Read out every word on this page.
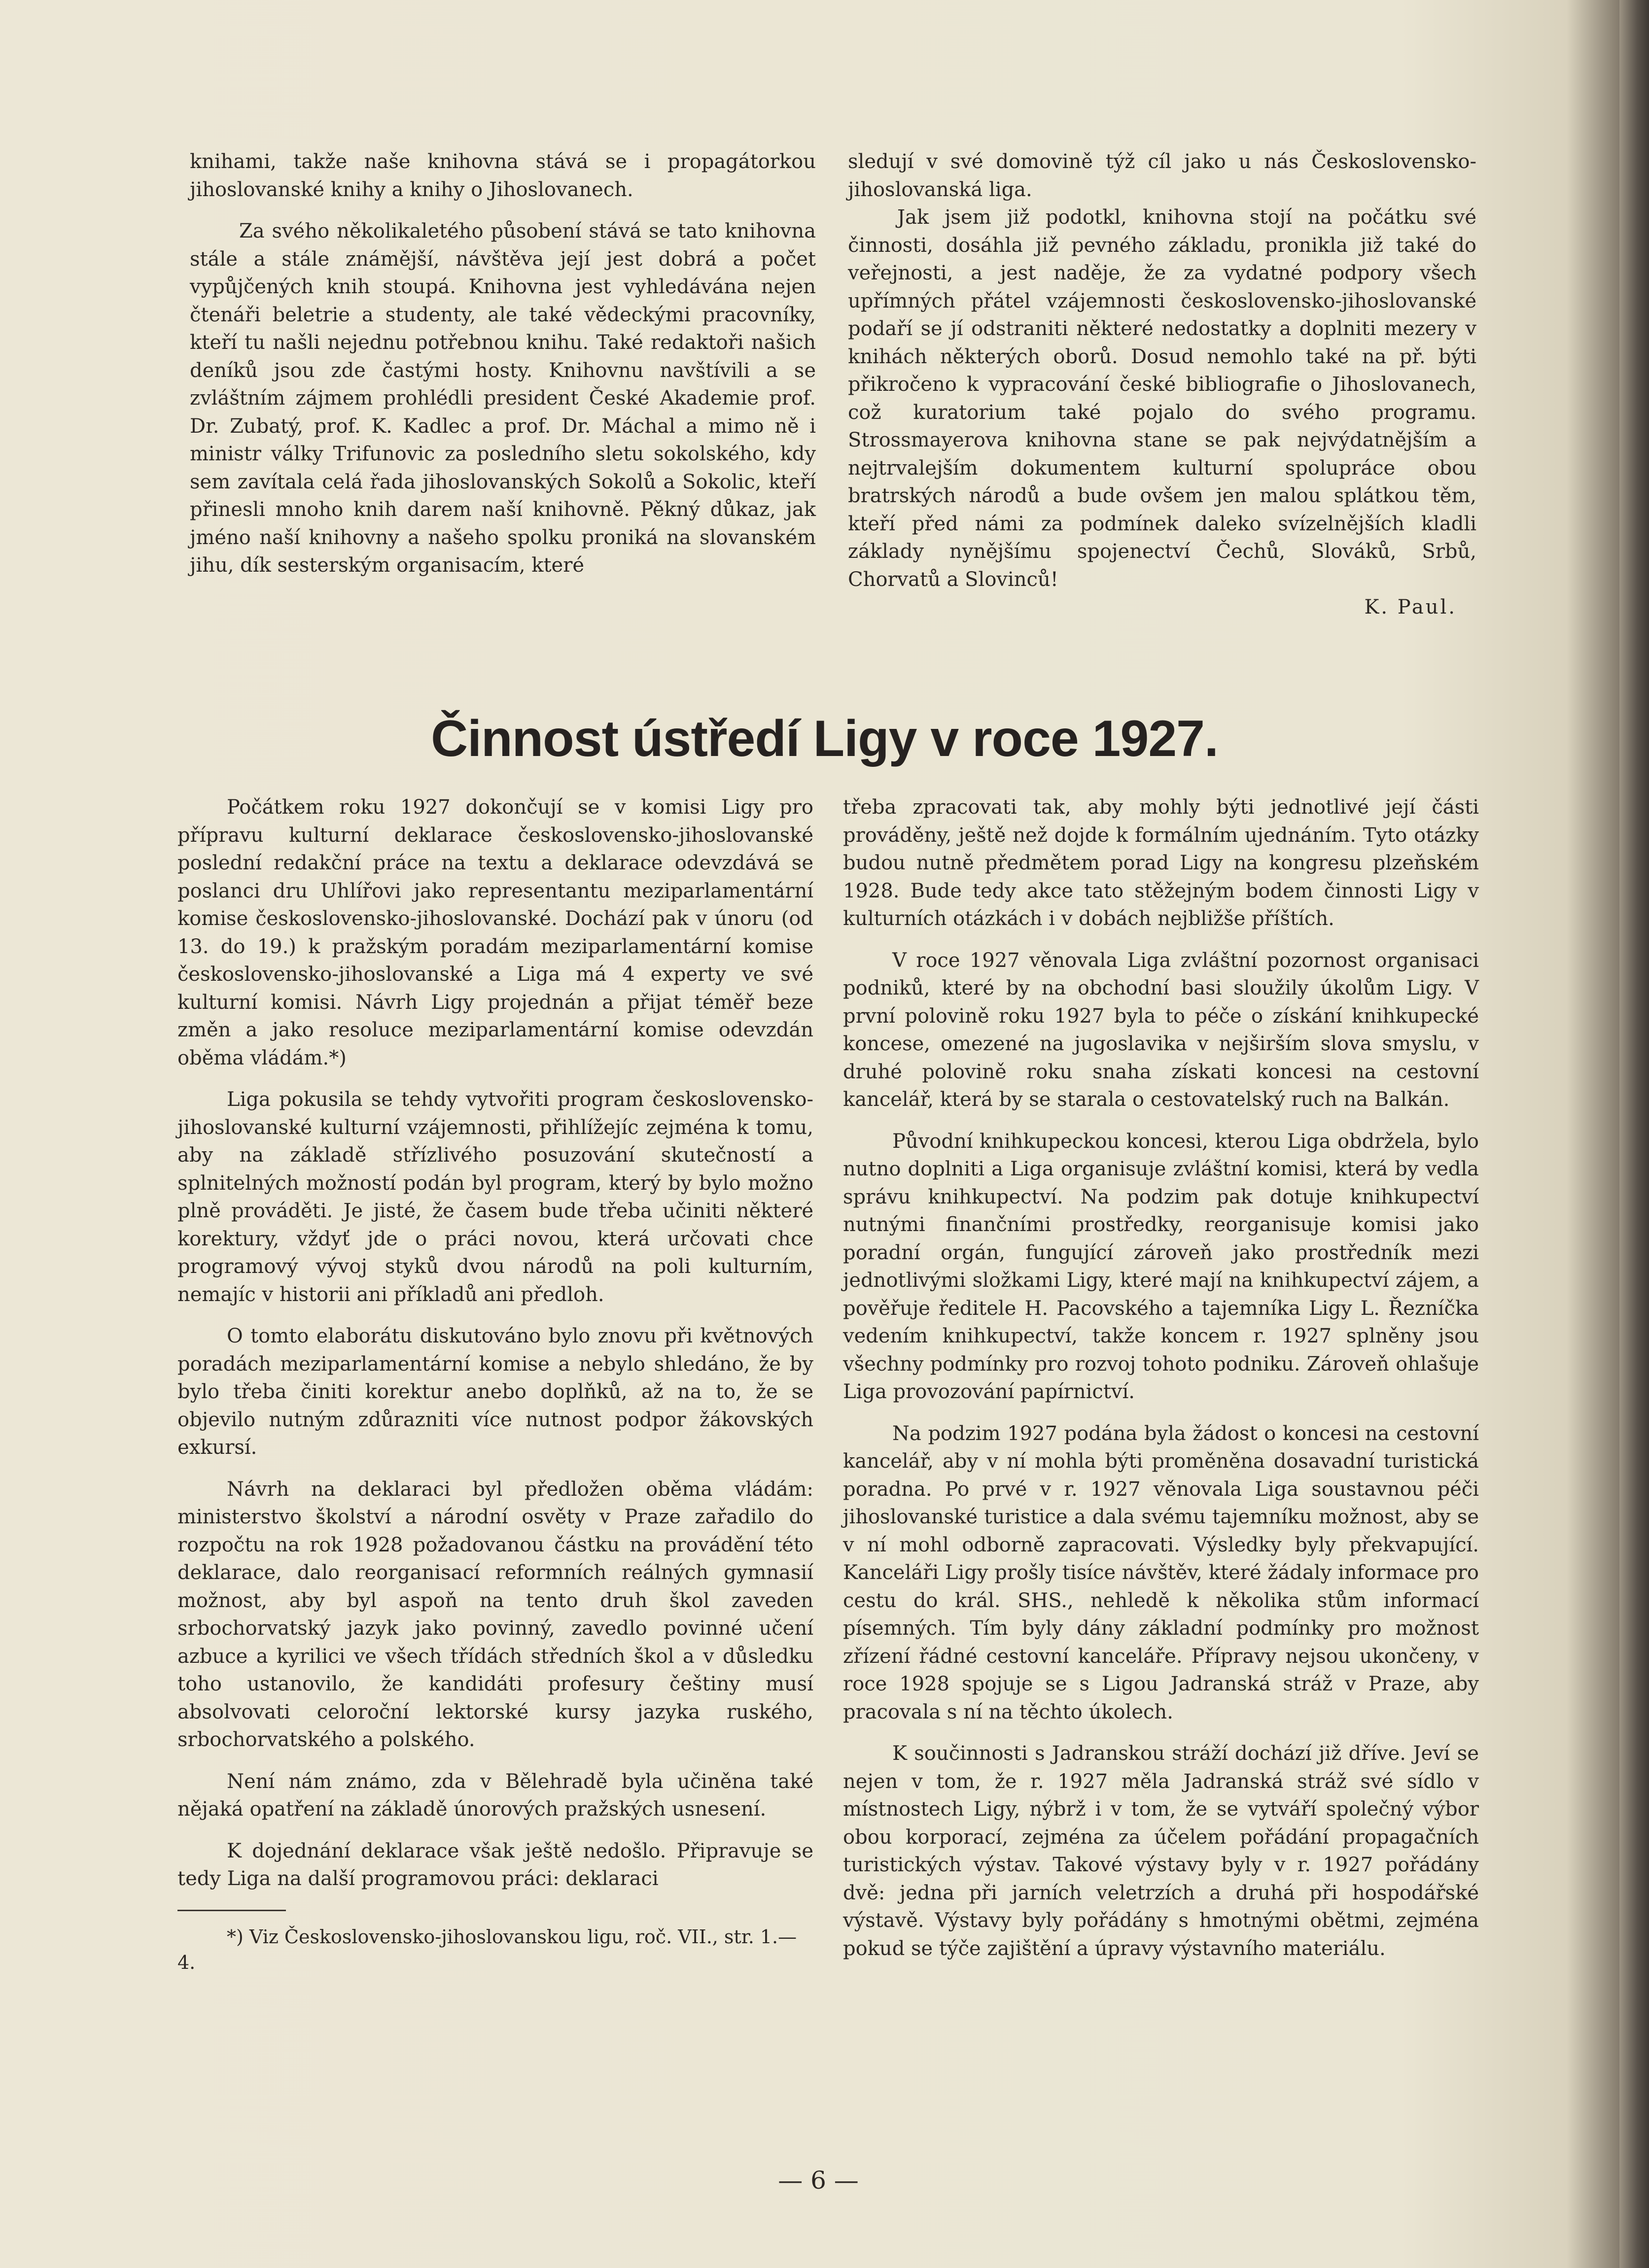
knihami, takže naše knihovna stává se i propagátorkou jihoslovanské knihy a knihy o Jihoslovanech.

Za svého několikaletého působení stává se tato knihovna stále a stále známější, návštěva její jest dobrá a počet vypůjčených knih stoupá. Knihovna jest vyhledávána nejen čtenáři beletrie a studenty, ale také vědeckými pracovníky, kteří tu našli nejednu potřebnou knihu. Také redaktoři našich deníků jsou zde častými hosty. Knihovnu navštívili a se zvláštním zájmem prohlédli president České Akademie prof. Dr. Zubatý, prof. K. Kadlec a prof. Dr. Máchal a mimo ně i ministr války Trifunovic za posledního sletu sokolského, kdy sem zavítala celá řada jihoslovanských Sokolů a Sokolic, kteří přinesli mnoho knih darem naší knihovně. Pěkný důkaz, jak jméno naší knihovny a našeho spolku proniká na slovanském jihu, dík sesterským organisacím, které

sledují v své domovině týž cíl jako u nás Československo-jihoslovanská liga.

Jak jsem již podotkl, knihovna stojí na počátku své činnosti, dosáhla již pevného základu, pronikla již také do veřejnosti, a jest naděje, že za vydatné podpory všech upřímných přátel vzájemnosti československo-jihoslovanské podaří se jí odstraniti některé nedostatky a doplniti mezery v knihách některých oborů. Dosud nemohlo také na př. býti přikročeno k vypracování české bibliografie o Jihoslovanech, což kuratorium také pojalo do svého programu. Strossmayerova knihovna stane se pak nejvýdatnějším a nejtrvalejším dokumentem kulturní spolupráce obou bratrských národů a bude ovšem jen malou splátkou těm, kteří před námi za podmínek daleko svízelnějších kladli základy nynějšímu spojenectví Čechů, Slováků, Srbů, Chorvatů a Slovinců!

K. Paul.

Činnost ústředí Ligy v roce 1927.

Počátkem roku 1927 dokončují se v komisi Ligy pro přípravu kulturní deklarace československo-jihoslovanské poslední redakční práce na textu a deklarace odevzdává se poslanci dru Uhlířovi jako representantu meziparlamentární komise československo-jihoslovanské. Dochází pak v únoru (od 13. do 19.) k pražským poradám meziparlamentární komise československo-jihoslovanské a Liga má 4 experty ve své kulturní komisi. Návrh Ligy projednán a přijat téměř beze změn a jako resoluce meziparlamentární komise odevzdán oběma vládám.*)

Liga pokusila se tehdy vytvořiti program československo-jihoslovanské kulturní vzájemnosti, přihlížejíc zejména k tomu, aby na základě střízlivého posuzování skutečností a splnitelných možností podán byl program, který by bylo možno plně prováděti. Je jisté, že časem bude třeba učiniti některé korektury, vždyť jde o práci novou, která určovati chce programový vývoj styků dvou národů na poli kulturním, nemajíc v historii ani příkladů ani předloh.

O tomto elaborátu diskutováno bylo znovu při květnových poradách meziparlamentární komise a nebylo shledáno, že by bylo třeba činiti korektur anebo doplňků, až na to, že se objevilo nutným zdůrazniti více nutnost podpor žákovských exkursí.

Návrh na deklaraci byl předložen oběma vládám: ministerstvo školství a národní osvěty v Praze zařadilo do rozpočtu na rok 1928 požadovanou částku na provádění této deklarace, dalo reorganisací reformních reálných gymnasií možnost, aby byl aspoň na tento druh škol zaveden srbochorvatský jazyk jako povinný, zavedlo povinné učení azbuce a kyrilici ve všech třídách středních škol a v důsledku toho ustanovilo, že kandidáti profesury češtiny musí absolvovati celoroční lektorské kursy jazyka ruského, srbochorvatského a polského.

Není nám známo, zda v Bělehradě byla učiněna také nějaká opatření na základě únorových pražských usnesení.

K dojednání deklarace však ještě nedošlo. Připravuje se tedy Liga na další programovou práci: deklaraci

*) Viz Československo-jihoslovanskou ligu, roč. VII., str. 1.—4.

třeba zpracovati tak, aby mohly býti jednotlivé její části prováděny, ještě než dojde k formálním ujednáním. Tyto otázky budou nutně předmětem porad Ligy na kongresu plzeňském 1928. Bude tedy akce tato stěžejným bodem činnosti Ligy v kulturních otázkách i v dobách nejbližše příštích.

V roce 1927 věnovala Liga zvláštní pozornost organisaci podniků, které by na obchodní basi sloužily úkolům Ligy. V první polovině roku 1927 byla to péče o získání knihkupecké koncese, omezené na jugoslavika v nejširším slova smyslu, v druhé polovině roku snaha získati koncesi na cestovní kancelář, která by se starala o cestovatelský ruch na Balkán.

Původní knihkupeckou koncesi, kterou Liga obdržela, bylo nutno doplniti a Liga organisuje zvláštní komisi, která by vedla správu knihkupectví. Na podzim pak dotuje knihkupectví nutnými finančními prostředky, reorganisuje komisi jako poradní orgán, fungující zároveň jako prostředník mezi jednotlivými složkami Ligy, které mají na knihkupectví zájem, a pověřuje ředitele H. Pacovského a tajemníka Ligy L. Řezníčka vedením knihkupectví, takže koncem r. 1927 splněny jsou všechny podmínky pro rozvoj tohoto podniku. Zároveň ohlašuje Liga provozování papírnictví.

Na podzim 1927 podána byla žádost o koncesi na cestovní kancelář, aby v ní mohla býti proměněna dosavadní turistická poradna. Po prvé v r. 1927 věnovala Liga soustavnou péči jihoslovanské turistice a dala svému tajemníku možnost, aby se v ní mohl odborně zapracovati. Výsledky byly překvapující. Kanceláři Ligy prošly tisíce návštěv, které žádaly informace pro cestu do král. SHS., nehledě k několika stům informací písemných. Tím byly dány základní podmínky pro možnost zřízení řádné cestovní kanceláře. Přípravy nejsou ukončeny, v roce 1928 spojuje se s Ligou Jadranská stráž v Praze, aby pracovala s ní na těchto úkolech.

K součinnosti s Jadranskou stráží dochází již dříve. Jeví se nejen v tom, že r. 1927 měla Jadranská stráž své sídlo v místnostech Ligy, nýbrž i v tom, že se vytváří společný výbor obou korporací, zejména za účelem pořádání propagačních turistických výstav. Takové výstavy byly v r. 1927 pořádány dvě: jedna při jarních veletrzích a druhá při hospodářské výstavě. Výstavy byly pořádány s hmotnými obětmi, zejména pokud se týče zajištění a úpravy výstavního materiálu.

— 6 —
